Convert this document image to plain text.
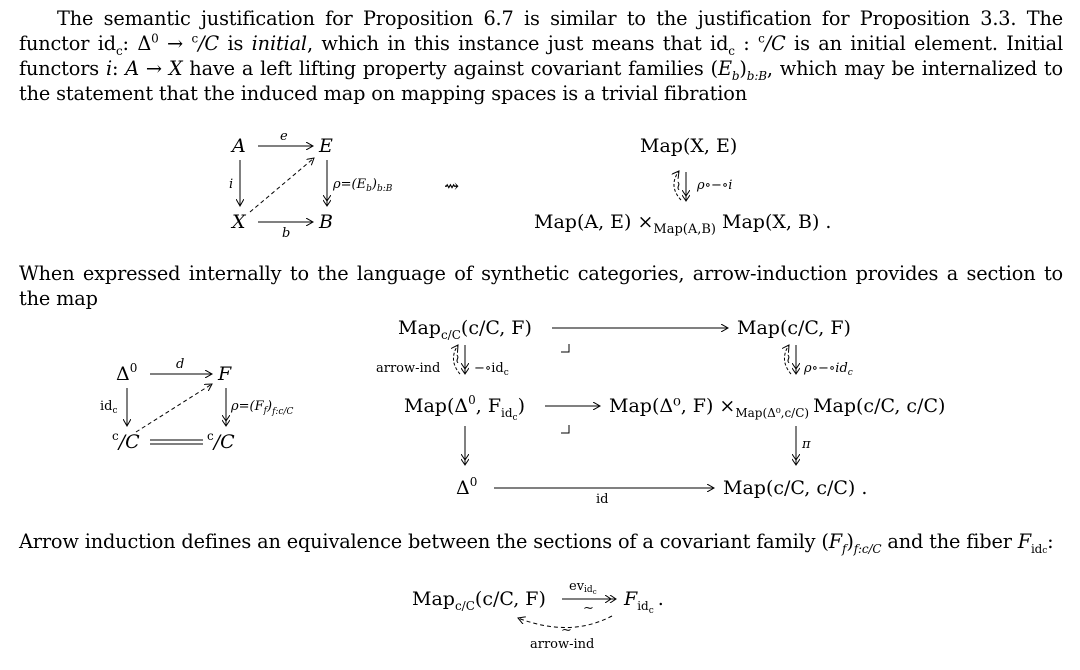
The semantic justification for Proposition 6.7 is similar to the justification for Proposition 3.3. The functor $id_c$: $\Delta^0 \to ^c/C$ is initial, which in this instance just means that $id_c$ : $^c$/C is an initial element. Initial functors i: A → X have a left lifting property against covariant families $(E_b)_{b:B}$, which may be internalized to the statement that the induced map on mapping spaces is a trivial fibration

A	E
X	B
e
i
b
$\rho=(E_b)_{b:B}$	⇝
Map(X, E)
≀ ρ∘−∘i
Map(A, $E) \times_{Map(A,B)}$ Map(X, B) .

When expressed internally to the language of synthetic categories, arrow-induction provides a section to the map

$\Delta^0$	F
d
$id_c$
$^c$/C	$^c$/C
$\rho=(F_f)_{f:c/C}$
Map$_{c/C}$(c/C, F)	Map(c/C, F)
≀
arrow-ind	$-\circ id_c$
≀
$\rho\circ-\circ id_c$
$Map(\Delta^0$, $F_{id}c$)	Map(Δ⁰, $F) \times_{Map(\Delta^0,c/C)}$ Map(c/C, c/C)
π
$\Delta^0$
id
Map(c/C, c/C) .

Arrow induction defines an equivalence between the sections of a covariant family $(F_f)_{f:c/C}$ and the fiber $F_{idc}$:

Map$_{c/C}$(c/C, F)
evidc
∼ $F_{id}c$.
∼
arrow-ind
